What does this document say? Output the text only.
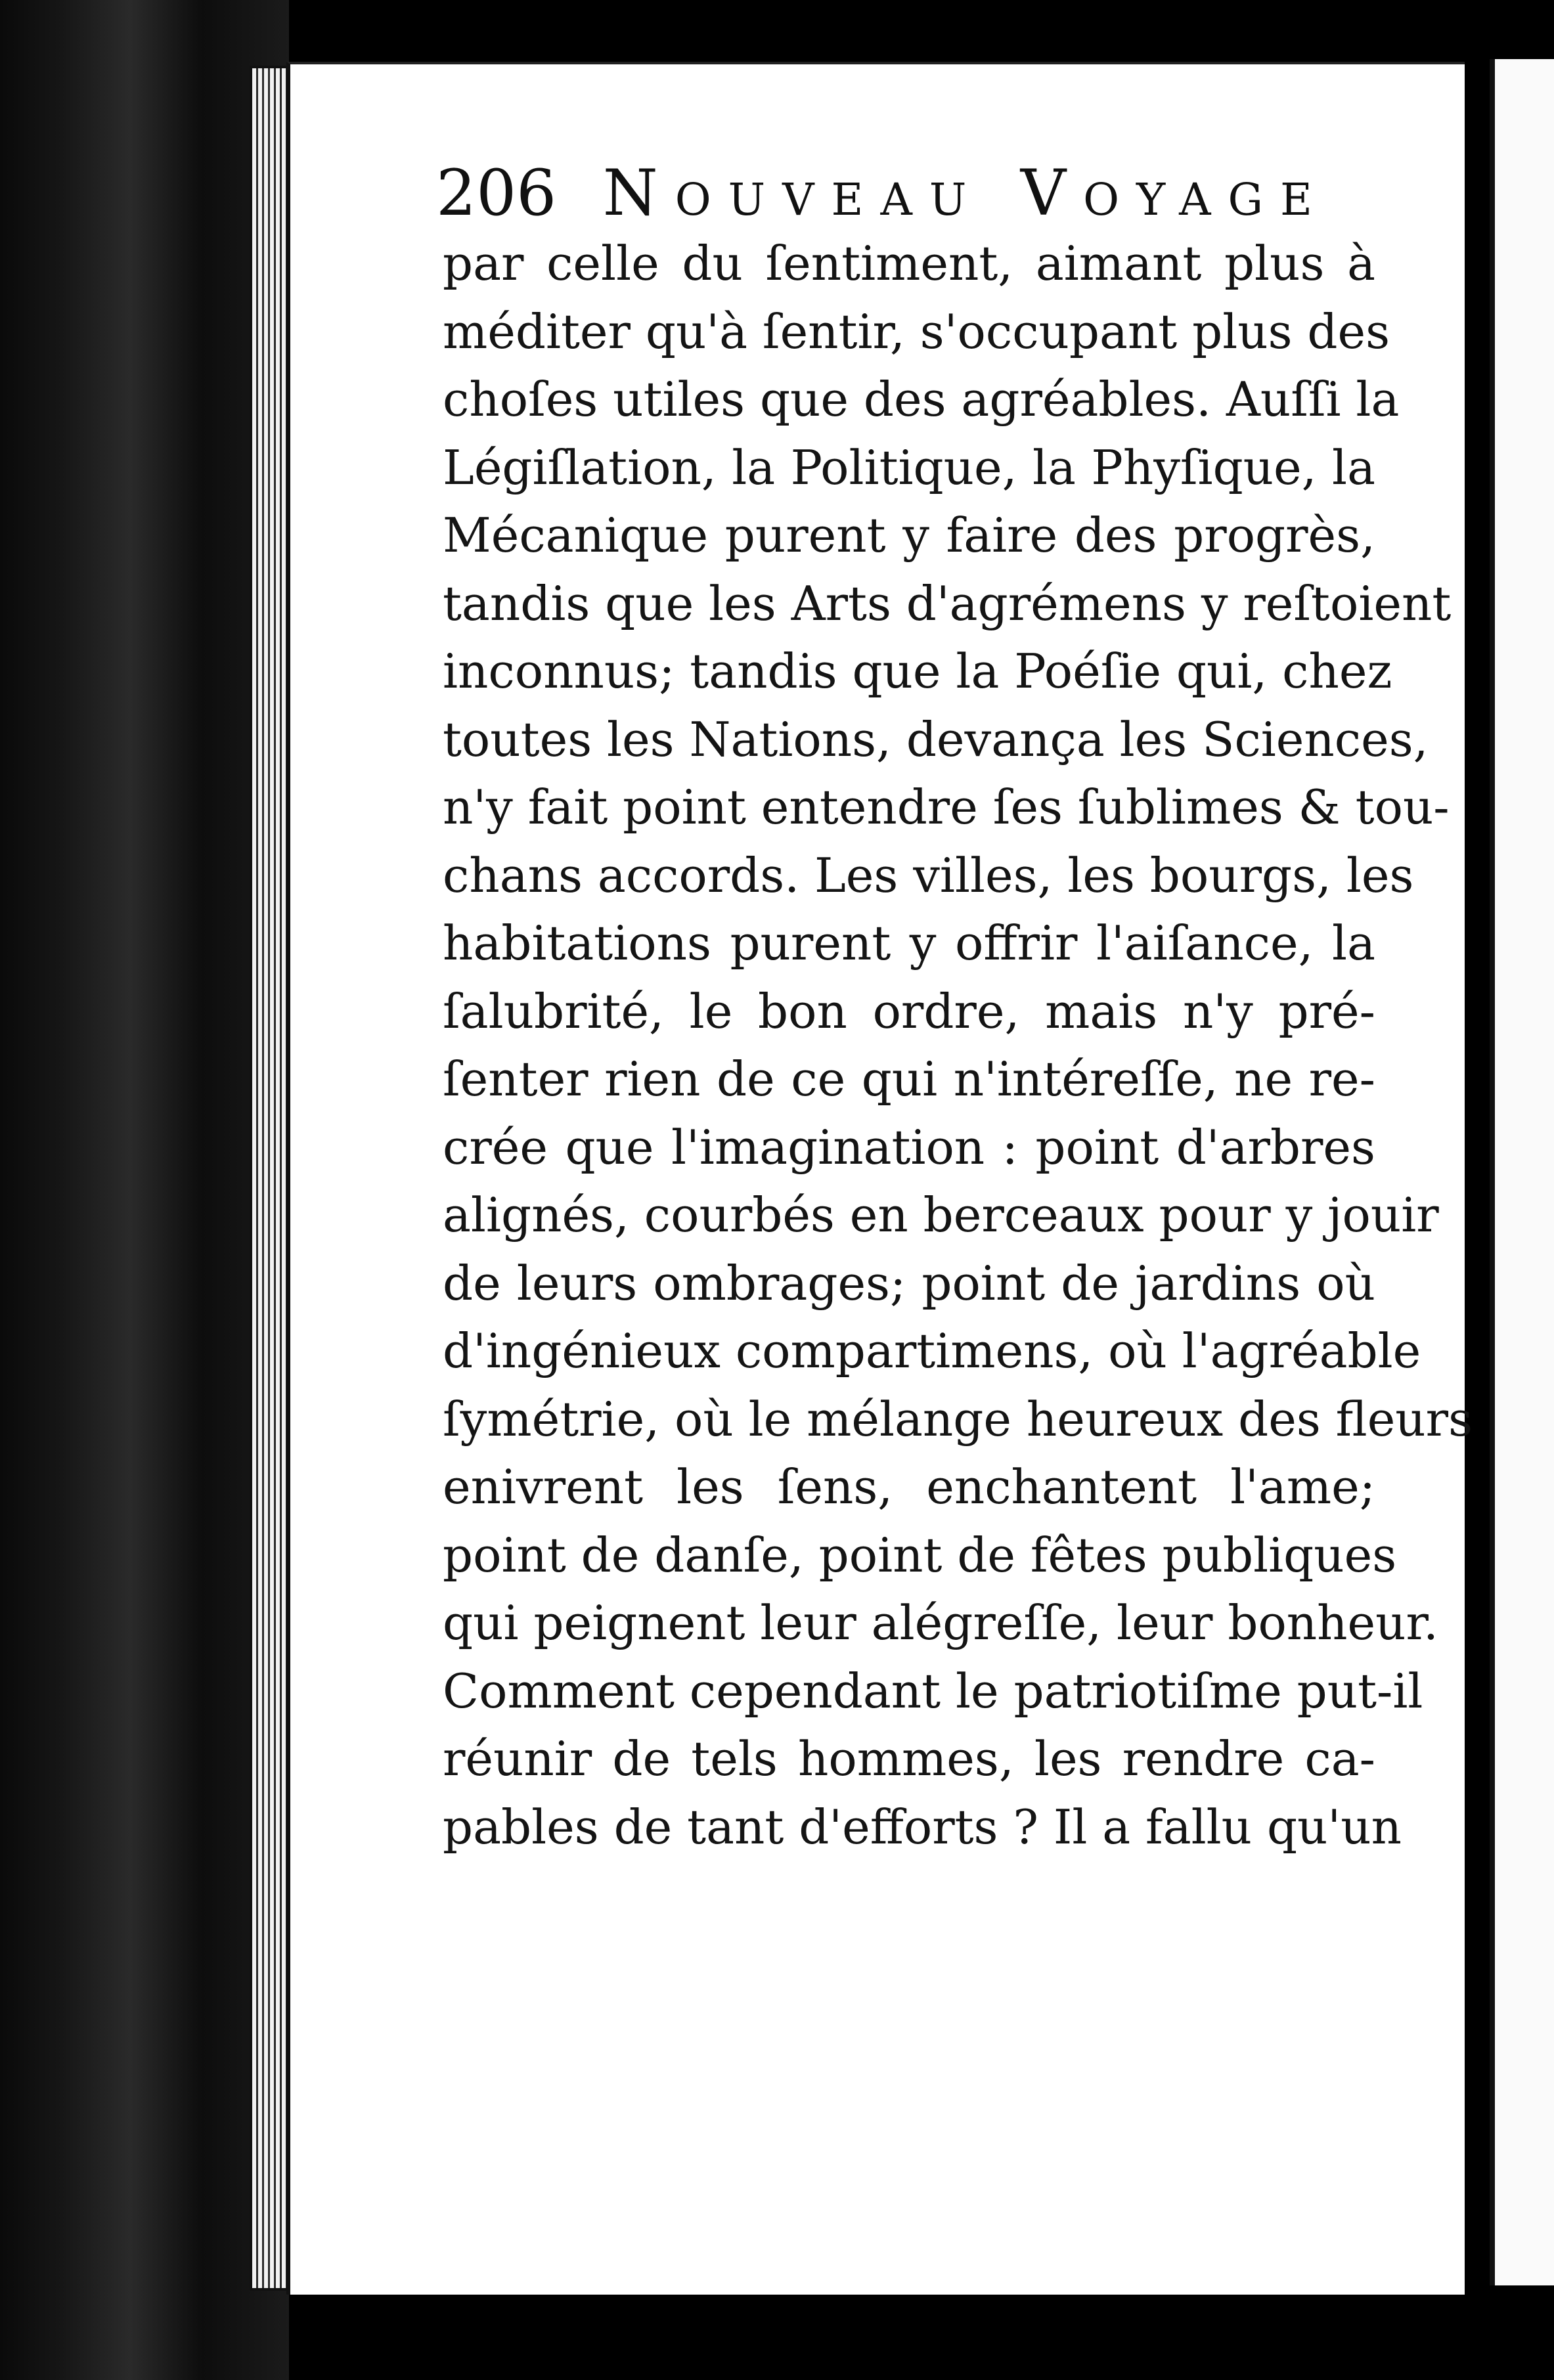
206 Nouveau Voyage
par celle du ſentiment, aimant plus à
méditer qu'à ſentir, s'occupant plus des
choſes utiles que des agréables. Auſſi la
Légiſlation, la Politique, la Phyſique, la
Mécanique purent y faire des progrès,
tandis que les Arts d'agrémens y reſtoient
inconnus; tandis que la Poéſie qui, chez
toutes les Nations, devança les Sciences,
n'y fait point entendre ſes ſublimes & tou-
chans accords. Les villes, les bourgs, les
habitations purent y offrir l'aiſance, la
ſalubrité, le bon ordre, mais n'y pré-
ſenter rien de ce qui n'intéreſſe, ne re-
crée que l'imagination : point d'arbres
alignés, courbés en berceaux pour y jouir
de leurs ombrages; point de jardins où
d'ingénieux compartimens, où l'agréable
ſymétrie, où le mélange heureux des fleurs
enivrent les ſens, enchantent l'ame;
point de danſe, point de fêtes publiques
qui peignent leur alégreſſe, leur bonheur.
Comment cependant le patriotiſme put-il
réunir de tels hommes, les rendre ca-
pables de tant d'efforts ? Il a fallu qu'un
